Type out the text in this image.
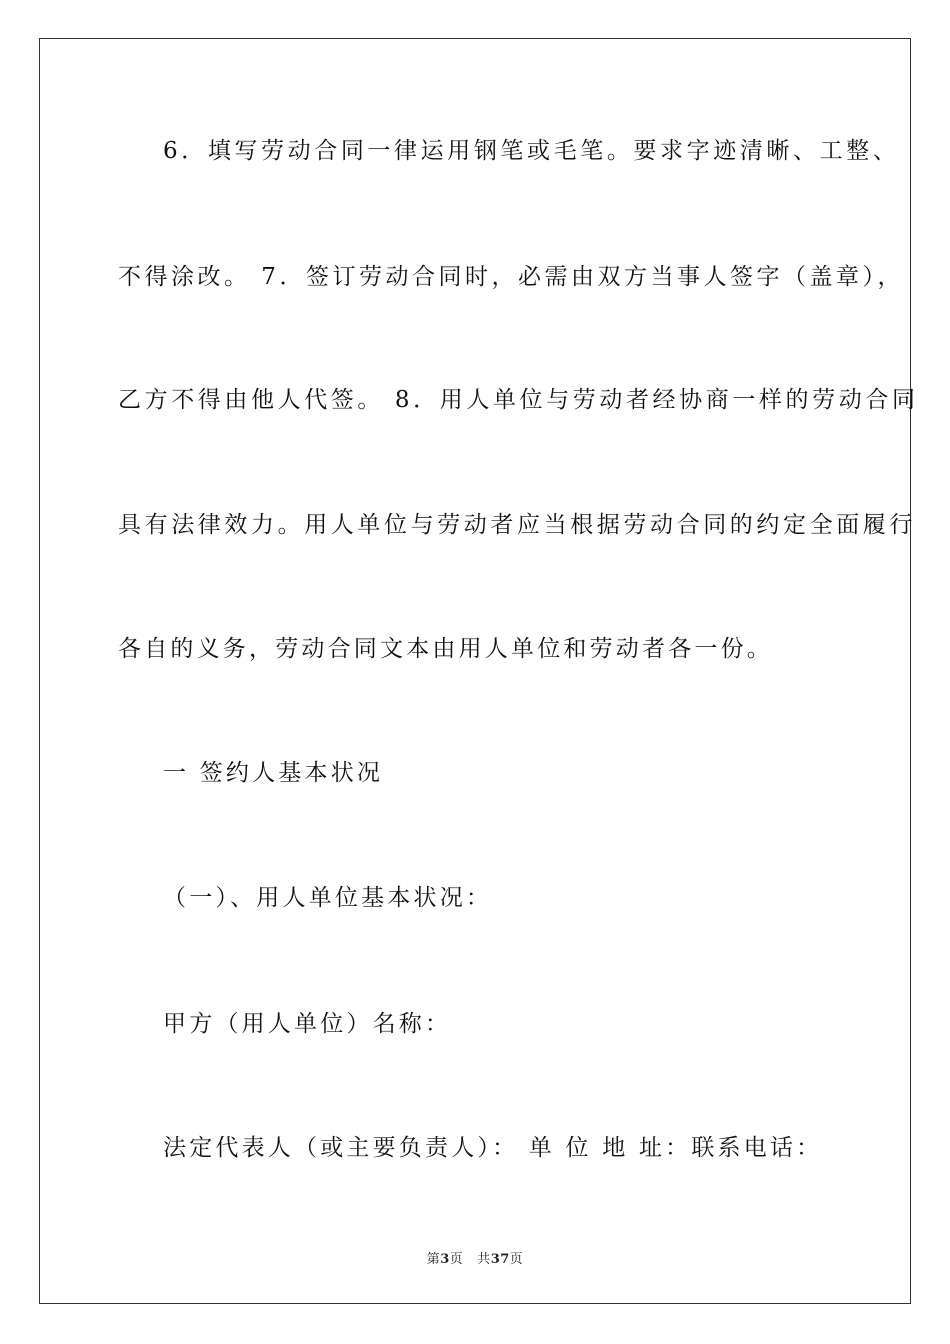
6．填写劳动合同一律运用钢笔或毛笔。要求字迹清晰、工整、
不得涂改。 7．签订劳动合同时，必需由双方当事人签字（盖章），
乙方不得由他人代签。 8．用人单位与劳动者经协商一样的劳动合同
具有法律效力。用人单位与劳动者应当根据劳动合同的约定全面履行
各自的义务，劳动合同文本由用人单位和劳动者各一份。
一 签约人基本状况
（一）、用人单位基本状况：
甲方（用人单位）名称：
法定代表人（或主要负责人）： 单 位 地 址：联系电话：
第3页 共37页
